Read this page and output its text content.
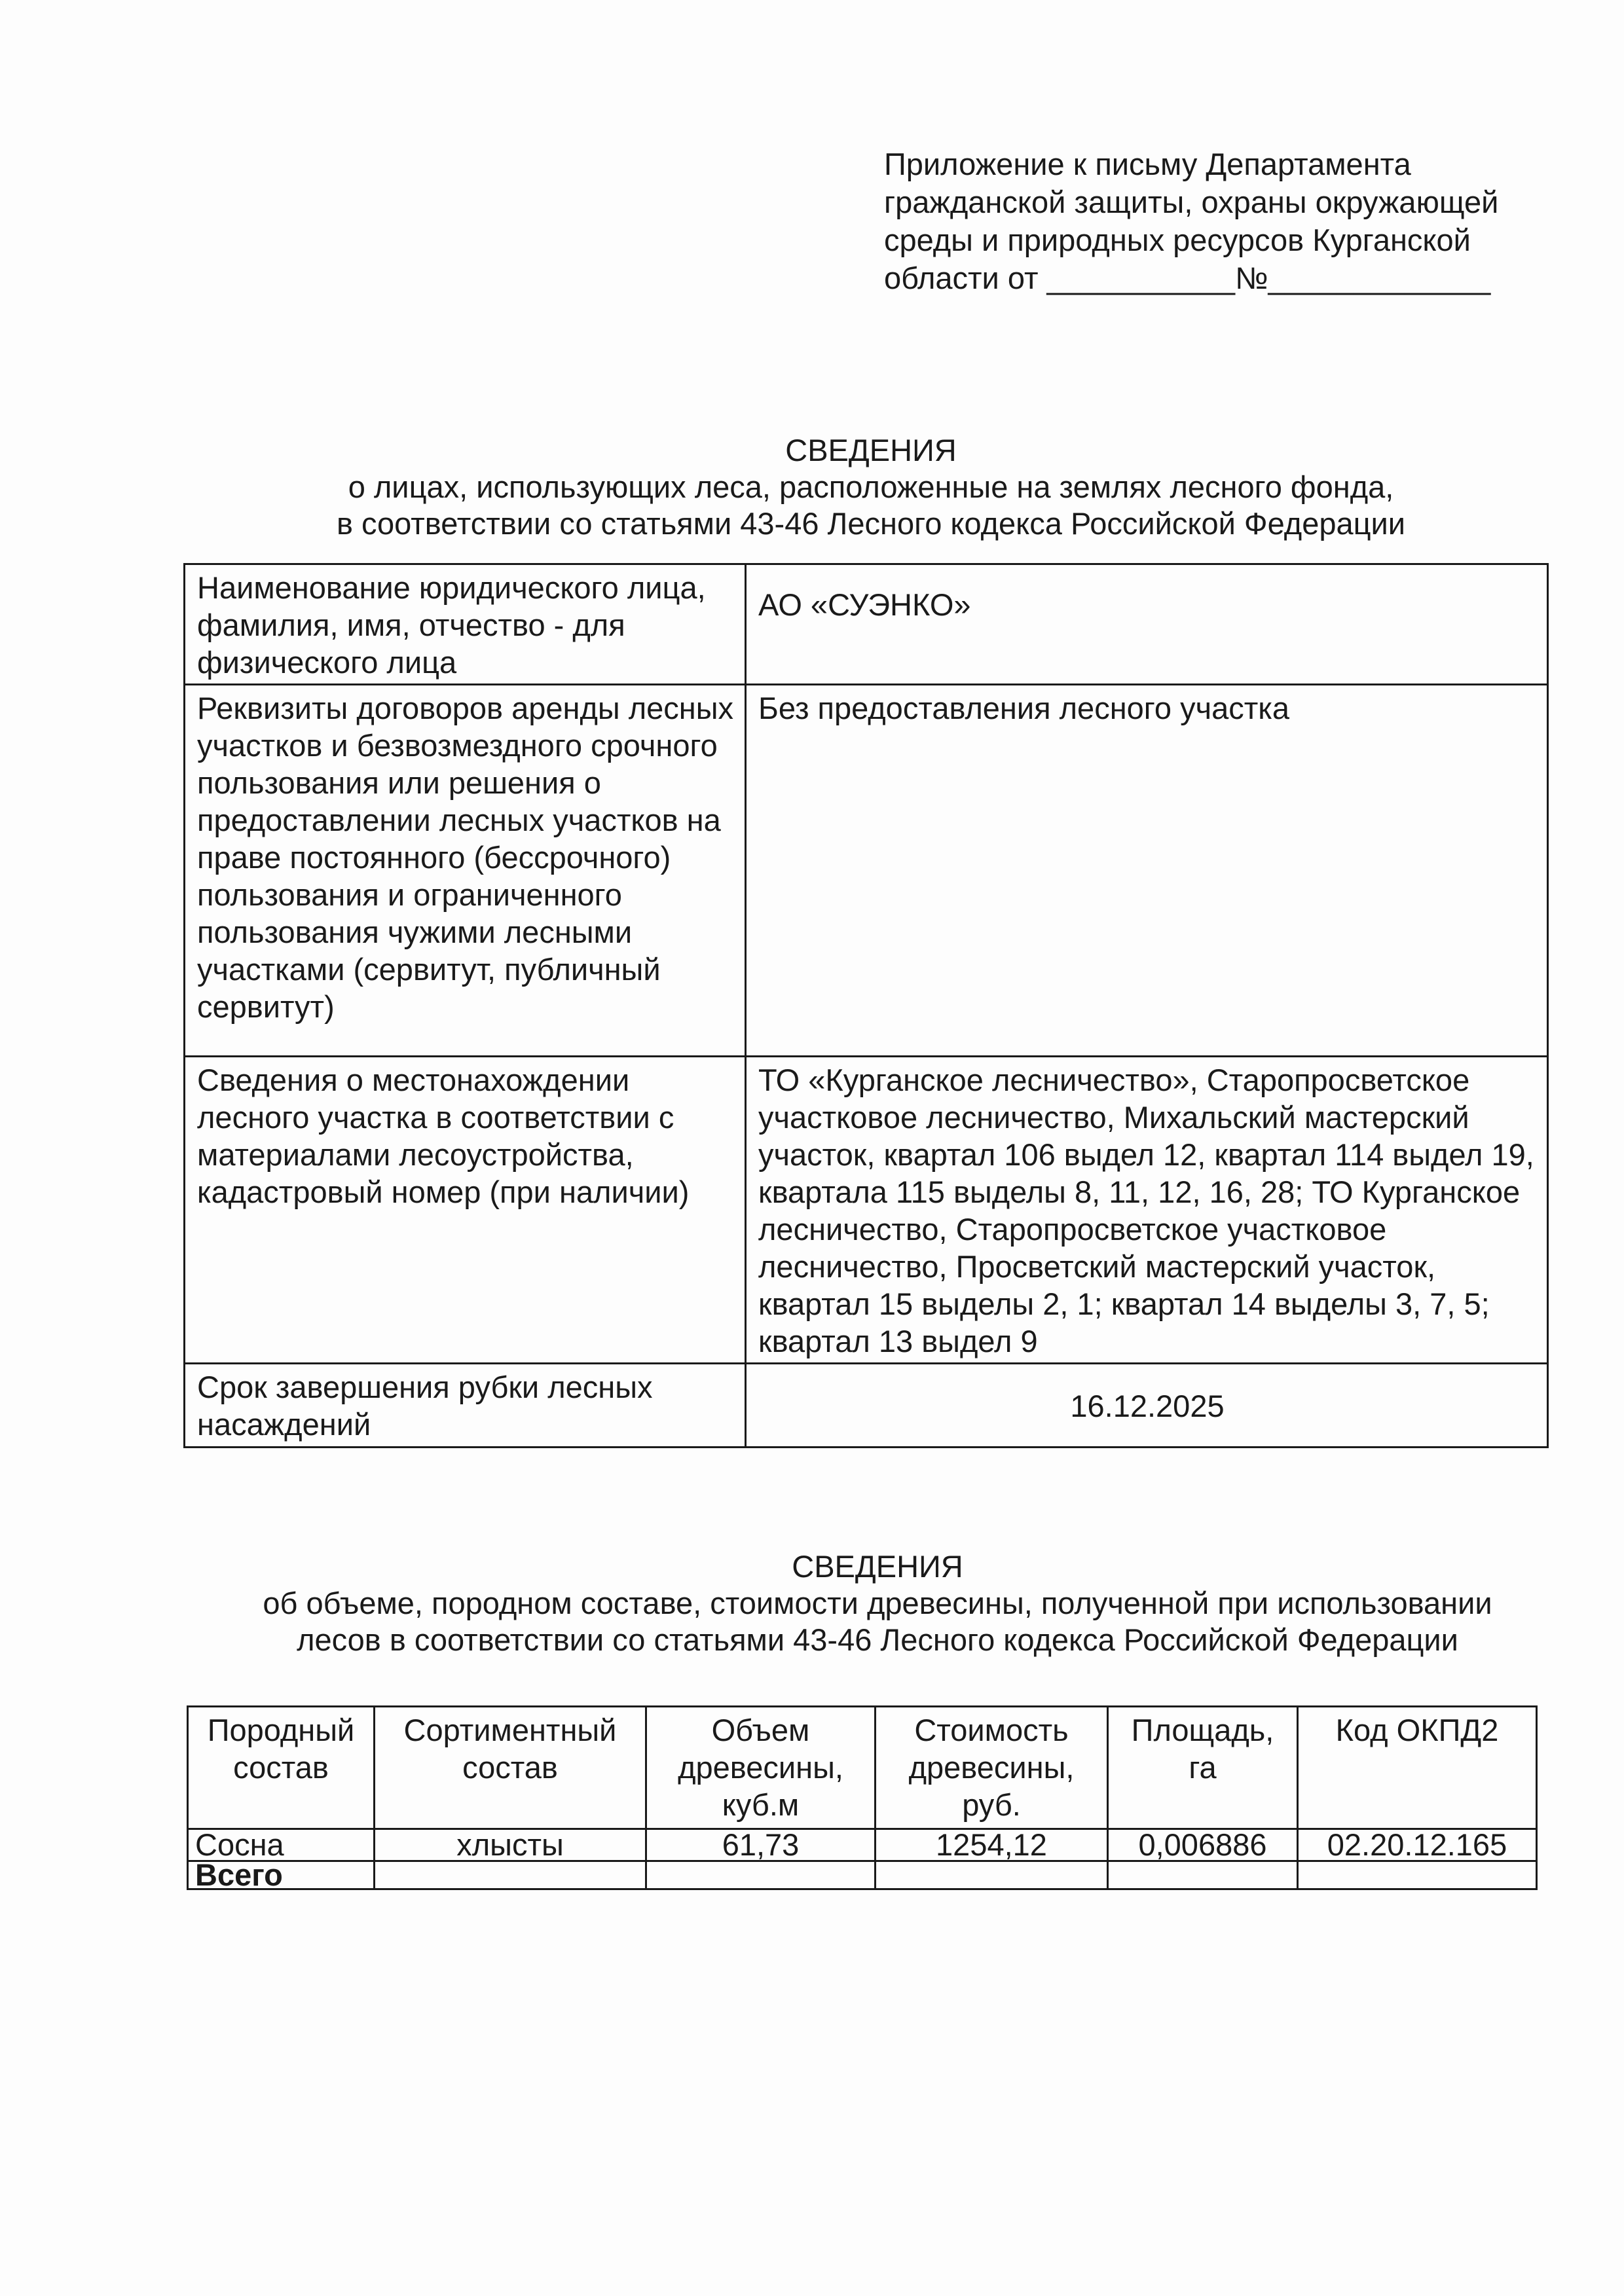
Приложение к письму Департамента
гражданской защиты, охраны окружающей
среды и природных ресурсов Курганской
области от ___________№_____________
СВЕДЕНИЯ
о лицах, использующих леса, расположенные на землях лесного фонда,
в соответствии со статьями 43-46 Лесного кодекса Российской Федерации
Наименование юридического лица, фамилия, имя, отчество - для физического лица	АО «СУЭНКО»
Реквизиты договоров аренды лесных участков и безвозмездного срочного пользования или решения о предоставлении лесных участков на праве постоянного (бессрочного) пользования и ограниченного пользования чужими лесными участками (сервитут, публичный сервитут)	Без предоставления лесного участка
Сведения о местонахождении лесного участка в соответствии с материалами лесоустройства, кадастровый номер (при наличии)	ТО «Курганское лесничество», Старопросветское участковое лесничество, Михальский мастерский участок, квартал 106 выдел 12, квартал 114 выдел 19, квартала 115 выделы 8, 11, 12, 16, 28; ТО Курганское лесничество, Старопросветское участковое лесничество, Просветский мастерский участок, квартал 15 выделы 2, 1; квартал 14 выделы 3, 7, 5; квартал 13 выдел 9
Срок завершения рубки лесных насаждений	16.12.2025
СВЕДЕНИЯ
об объеме, породном составе, стоимости древесины, полученной при использовании
лесов в соответствии со статьями 43-46 Лесного кодекса Российской Федерации
Породный состав	Сортиментный состав	Объем древесины, куб.м	Стоимость древесины, руб.	Площадь, га	Код ОКПД2
Сосна	хлысты	61,73	1254,12	0,006886	02.20.12.165
Всего					
